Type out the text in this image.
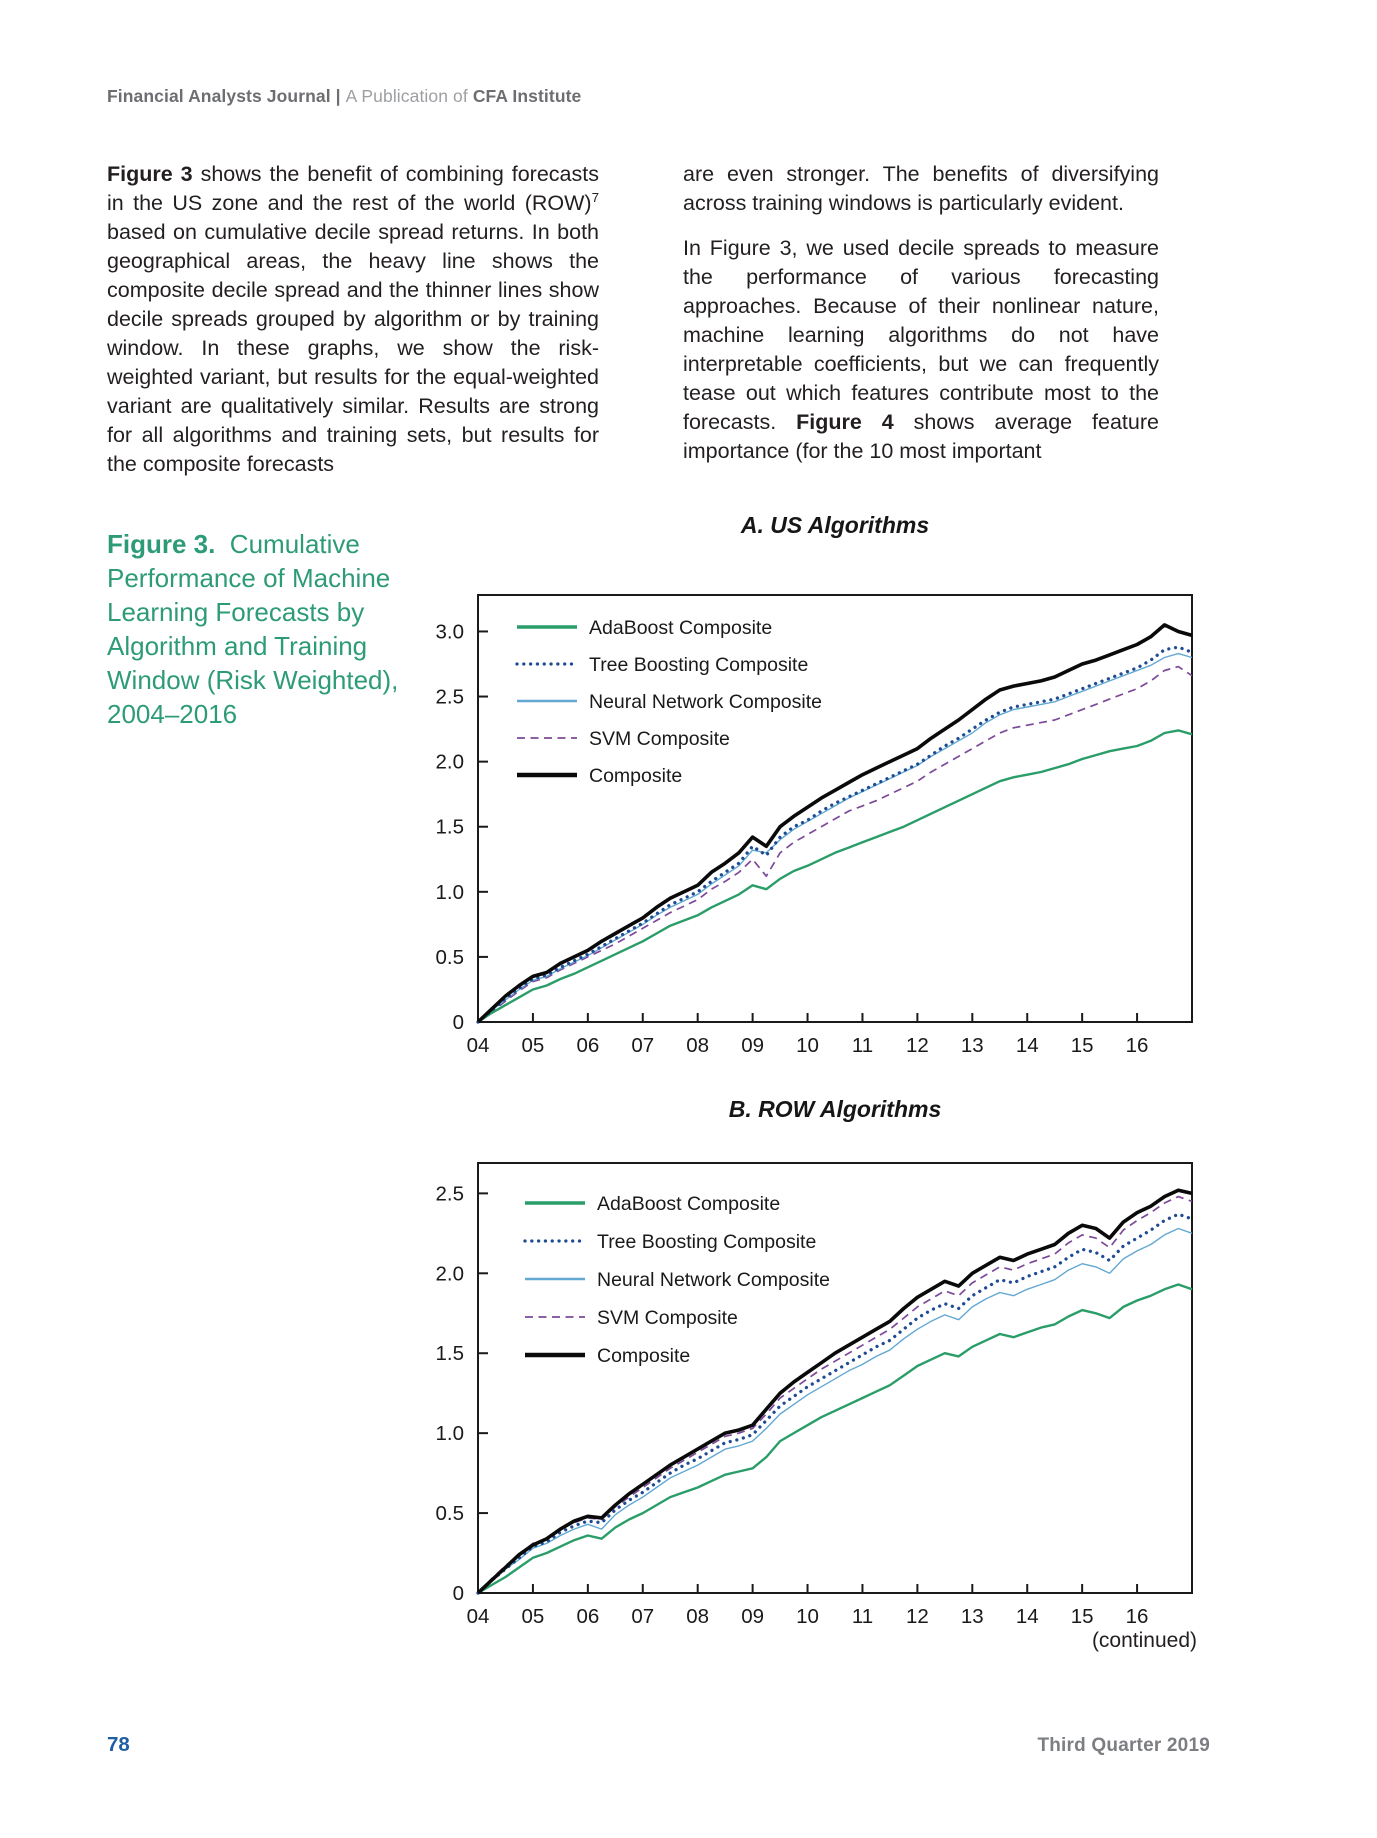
Financial Analysts Journal | A Publication of CFA Institute

Figure 3 shows the benefit of combining forecasts in the US zone and the rest of the world (ROW)$^7$ based on cumulative decile spread returns. In both geographical areas, the heavy line shows the composite decile spread and the thinner lines show decile spreads grouped by algorithm or by training window. In these graphs, we show the risk-weighted variant, but results for the equal-weighted variant are qualitatively similar. Results are strong for all algorithms and training sets, but results for the composite forecasts

are even stronger. The benefits of diversifying across training windows is particularly evident.

In Figure 3, we used decile spreads to measure the performance of various forecasting approaches. Because of their nonlinear nature, machine learning algorithms do not have interpretable coefficients, but we can frequently tease out which features contribute most to the forecasts. Figure 4 shows average feature importance (for the 10 most important

Figure 3.  Cumulative Performance of Machine Learning Forecasts by Algorithm and Training Window (Risk Weighted), 2004–2016
A. US Algorithms
0
0.5
1.0
1.5
2.0
2.5
3.0
04 05 06 07 08 09 10 11 12 13 14 15 16
AdaBoost Composite
Tree Boosting Composite
Neural Network Composite
SVM Composite
Composite
B. ROW Algorithms
0
0.5
1.0
1.5
2.0
2.5
04 05 06 07 08 09 10 11 12 13 14 15 16
AdaBoost Composite
Tree Boosting Composite
Neural Network Composite
SVM Composite
Composite
(continued)
78	Third Quarter 2019
